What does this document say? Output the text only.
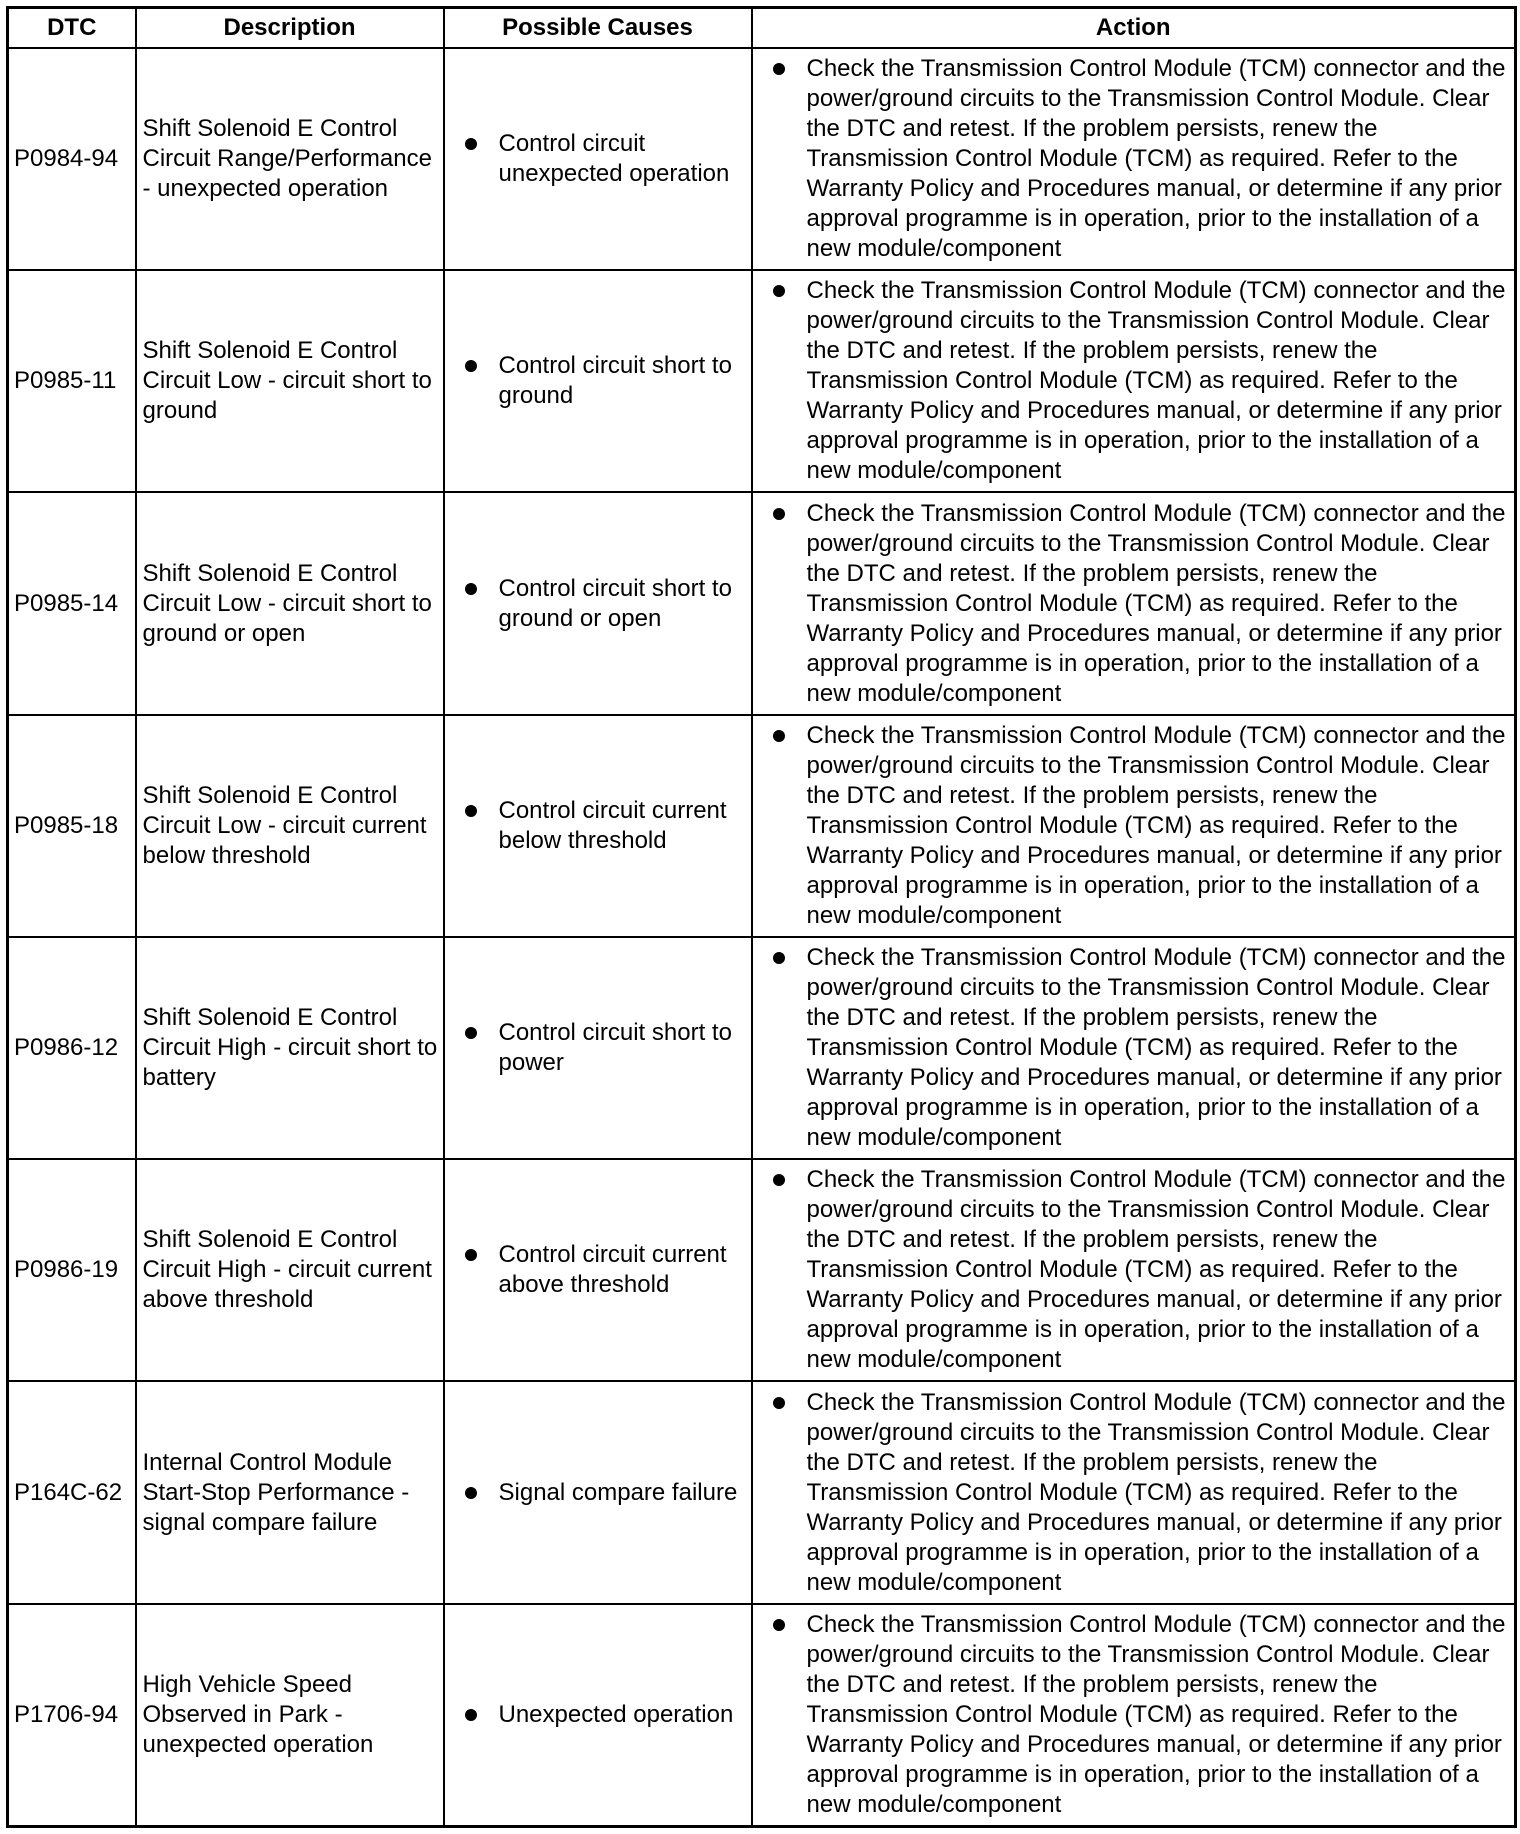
DTC	Description	Possible Causes	Action
P0984-94	Shift Solenoid E Control Circuit Range/Performance - unexpected operation	Control circuit unexpected operation	Check the Transmission Control Module (TCM) connector and the power/ground circuits to the Transmission Control Module. Clear the DTC and retest. If the problem persists, renew the Transmission Control Module (TCM) as required. Refer to the Warranty Policy and Procedures manual, or determine if any prior approval programme is in operation, prior to the installation of a new module/component

P0985-11	Shift Solenoid E Control Circuit Low - circuit short to ground	Control circuit short to ground	Check the Transmission Control Module (TCM) connector and the power/ground circuits to the Transmission Control Module. Clear the DTC and retest. If the problem persists, renew the Transmission Control Module (TCM) as required. Refer to the Warranty Policy and Procedures manual, or determine if any prior approval programme is in operation, prior to the installation of a new module/component

P0985-14	Shift Solenoid E Control Circuit Low - circuit short to ground or open	Control circuit short to ground or open	Check the Transmission Control Module (TCM) connector and the power/ground circuits to the Transmission Control Module. Clear the DTC and retest. If the problem persists, renew the Transmission Control Module (TCM) as required. Refer to the Warranty Policy and Procedures manual, or determine if any prior approval programme is in operation, prior to the installation of a new module/component

P0985-18	Shift Solenoid E Control Circuit Low - circuit current below threshold	Control circuit current below threshold	Check the Transmission Control Module (TCM) connector and the power/ground circuits to the Transmission Control Module. Clear the DTC and retest. If the problem persists, renew the Transmission Control Module (TCM) as required. Refer to the Warranty Policy and Procedures manual, or determine if any prior approval programme is in operation, prior to the installation of a new module/component

P0986-12	Shift Solenoid E Control Circuit High - circuit short to battery	Control circuit short to power	Check the Transmission Control Module (TCM) connector and the power/ground circuits to the Transmission Control Module. Clear the DTC and retest. If the problem persists, renew the Transmission Control Module (TCM) as required. Refer to the Warranty Policy and Procedures manual, or determine if any prior approval programme is in operation, prior to the installation of a new module/component

P0986-19	Shift Solenoid E Control Circuit High - circuit current above threshold	Control circuit current above threshold	Check the Transmission Control Module (TCM) connector and the power/ground circuits to the Transmission Control Module. Clear the DTC and retest. If the problem persists, renew the Transmission Control Module (TCM) as required. Refer to the Warranty Policy and Procedures manual, or determine if any prior approval programme is in operation, prior to the installation of a new module/component

P164C-62	Internal Control Module Start-Stop Performance - signal compare failure	Signal compare failure	Check the Transmission Control Module (TCM) connector and the power/ground circuits to the Transmission Control Module. Clear the DTC and retest. If the problem persists, renew the Transmission Control Module (TCM) as required. Refer to the Warranty Policy and Procedures manual, or determine if any prior approval programme is in operation, prior to the installation of a new module/component

P1706-94	High Vehicle Speed Observed in Park - unexpected operation	Unexpected operation	Check the Transmission Control Module (TCM) connector and the power/ground circuits to the Transmission Control Module. Clear the DTC and retest. If the problem persists, renew the Transmission Control Module (TCM) as required. Refer to the Warranty Policy and Procedures manual, or determine if any prior approval programme is in operation, prior to the installation of a new module/component
